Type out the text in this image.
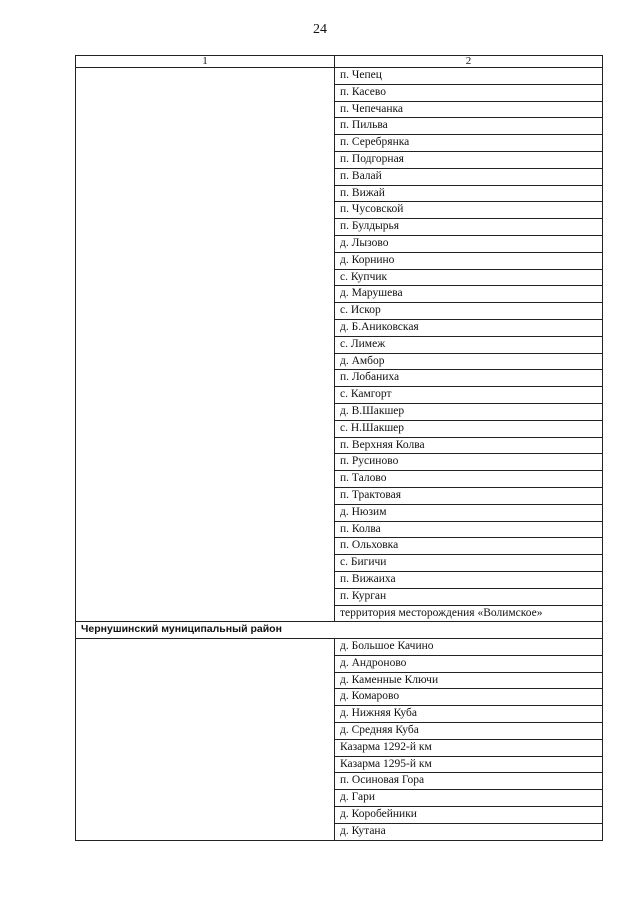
24
1	2
	п. Чепец
	п. Касево
	п. Чепечанка
	п. Пильва
	п. Серебрянка
	п. Подгорная
	п. Валай
	п. Вижай
	п. Чусовской
	п. Булдырья
	д. Лызово
	д. Корнино
	с. Купчик
	д. Марушева
	с. Искор
	д. Б.Аниковская
	с. Лимеж
	д. Амбор
	п. Лобаниха
	с. Камгорт
	д. В.Шакшер
	с. Н.Шакшер
	п. Верхняя Колва
	п. Русиново
	п. Талово
	п. Трактовая
	д. Нюзим
	п. Колва
	п. Ольховка
	с. Бигичи
	п. Вижаиха
	п. Курган
	территория месторождения «Волимское»
Чернушинский муниципальный район	
	д. Большое Качино
	д. Андроново
	д. Каменные Ключи
	д. Комарово
	д. Нижняя Куба
	д. Средняя Куба
	Казарма 1292-й км
	Казарма 1295-й км
	п. Осиновая Гора
	д. Гари
	д. Коробейники
	д. Кутана
